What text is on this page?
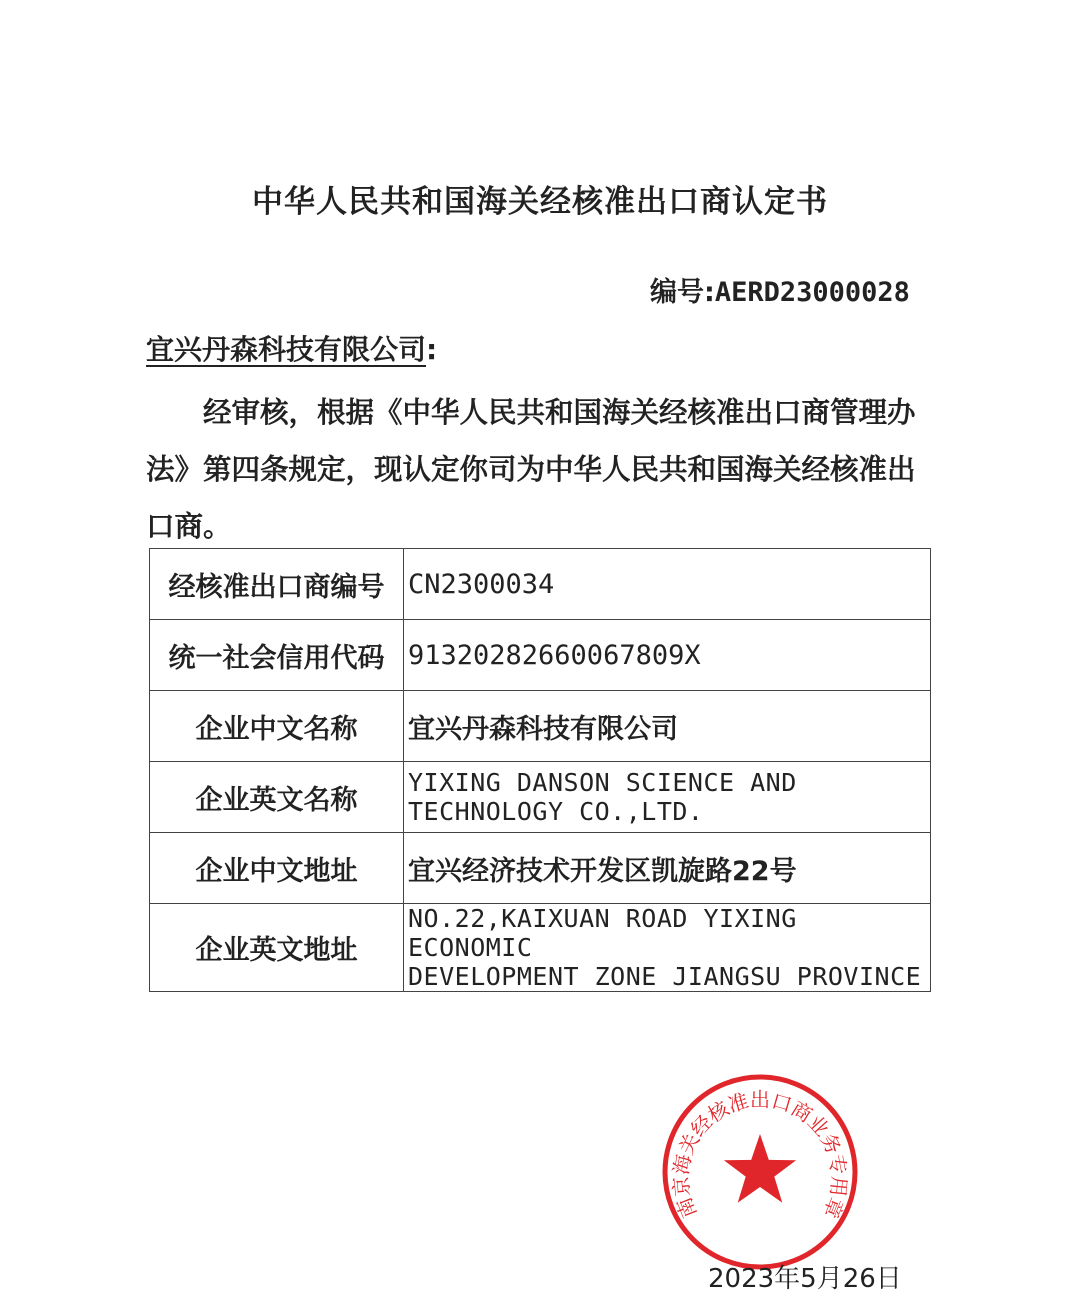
中华人民共和国海关经核准出口商认定书
编号:AERD23000028
宜兴丹森科技有限公司:

经审核，根据《中华人民共和国海关经核准出口商管理办法》第四条规定，现认定你司为中华人民共和国海关经核准出口商。

经核准出口商编号	CN2300034
统一社会信用代码	91320282660067809X
企业中文名称	宜兴丹森科技有限公司
企业英文名称	YIXING DANSON SCIENCE AND
TECHNOLOGY CO.,LTD.

企业中文地址	宜兴经济技术开发区凯旋路22号
企业英文地址	NO.22,KAIXUAN ROAD YIXING ECONOMIC
DEVELOPMENT ZONE JIANGSU PROVINCE
南京海关经核准出口商业务专用章
2023年5月26日
